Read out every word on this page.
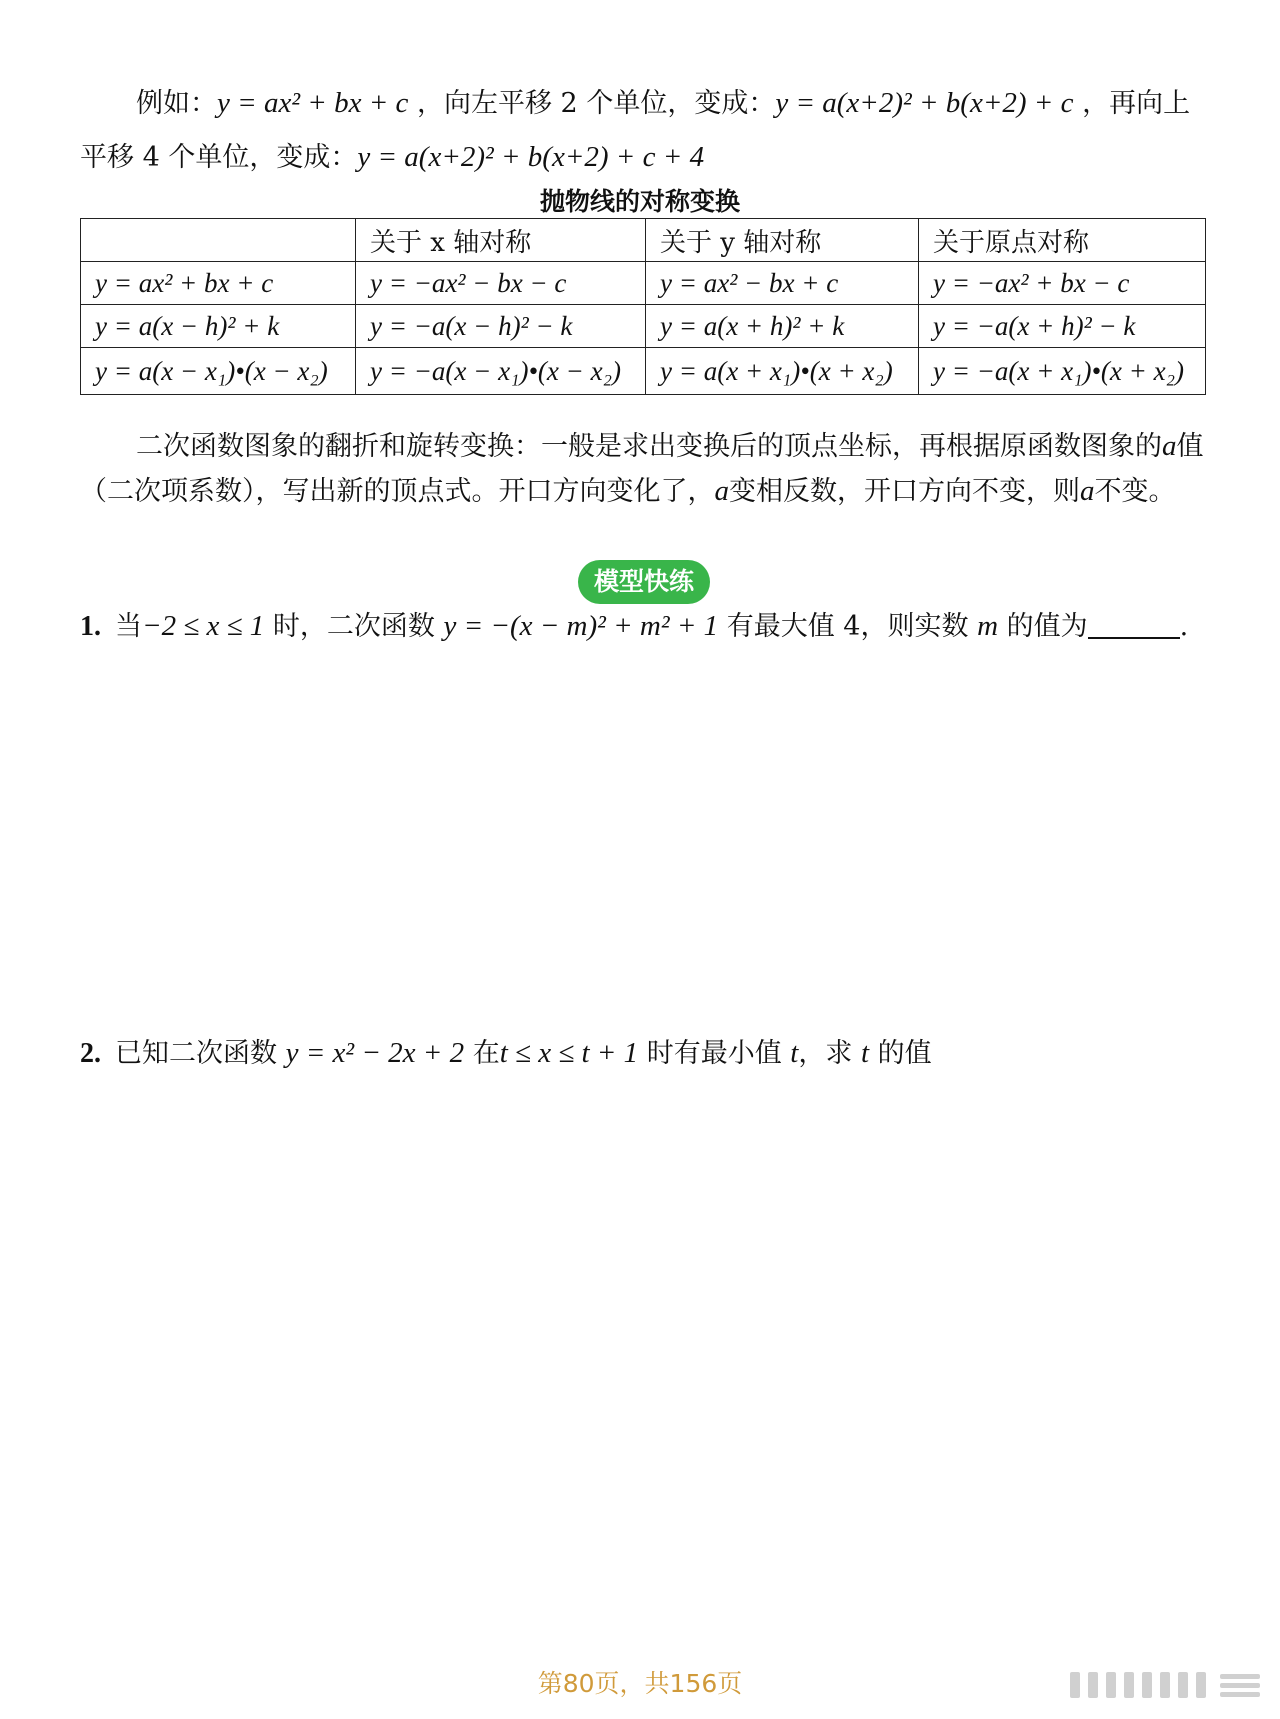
例如：y = ax² + bx + c ，向左平移 2 个单位，变成：y = a(x+2)² + b(x+2) + c ，再向上
平移 4 个单位，变成：y = a(x+2)² + b(x+2) + c + 4
抛物线的对称变换
	关于 x 轴对称	关于 y 轴对称	关于原点对称
y = ax² + bx + c	y = −ax² − bx − c	y = ax² − bx + c	y = −ax² + bx − c
y = a(x − h)² + k	y = −a(x − h)² − k	y = a(x + h)² + k	y = −a(x + h)² − k
y = a(x − x₁)•(x − x₂)	y = −a(x − x₁)•(x − x₂)	y = a(x + x₁)•(x + x₂)	y = −a(x + x₁)•(x + x₂)
二次函数图象的翻折和旋转变换：一般是求出变换后的顶点坐标，再根据原函数图象的a值（二次项系数），写出新的顶点式。开口方向变化了，a变相反数，开口方向不变，则a不变。
模型快练
1. 当−2 ≤ x ≤ 1 时，二次函数 y = −(x − m)² + m² + 1 有最大值 4，则实数 m 的值为	.
2. 已知二次函数 y = x² − 2x + 2 在t ≤ x ≤ t + 1 时有最小值 t，求 t 的值
第80页，共156页
